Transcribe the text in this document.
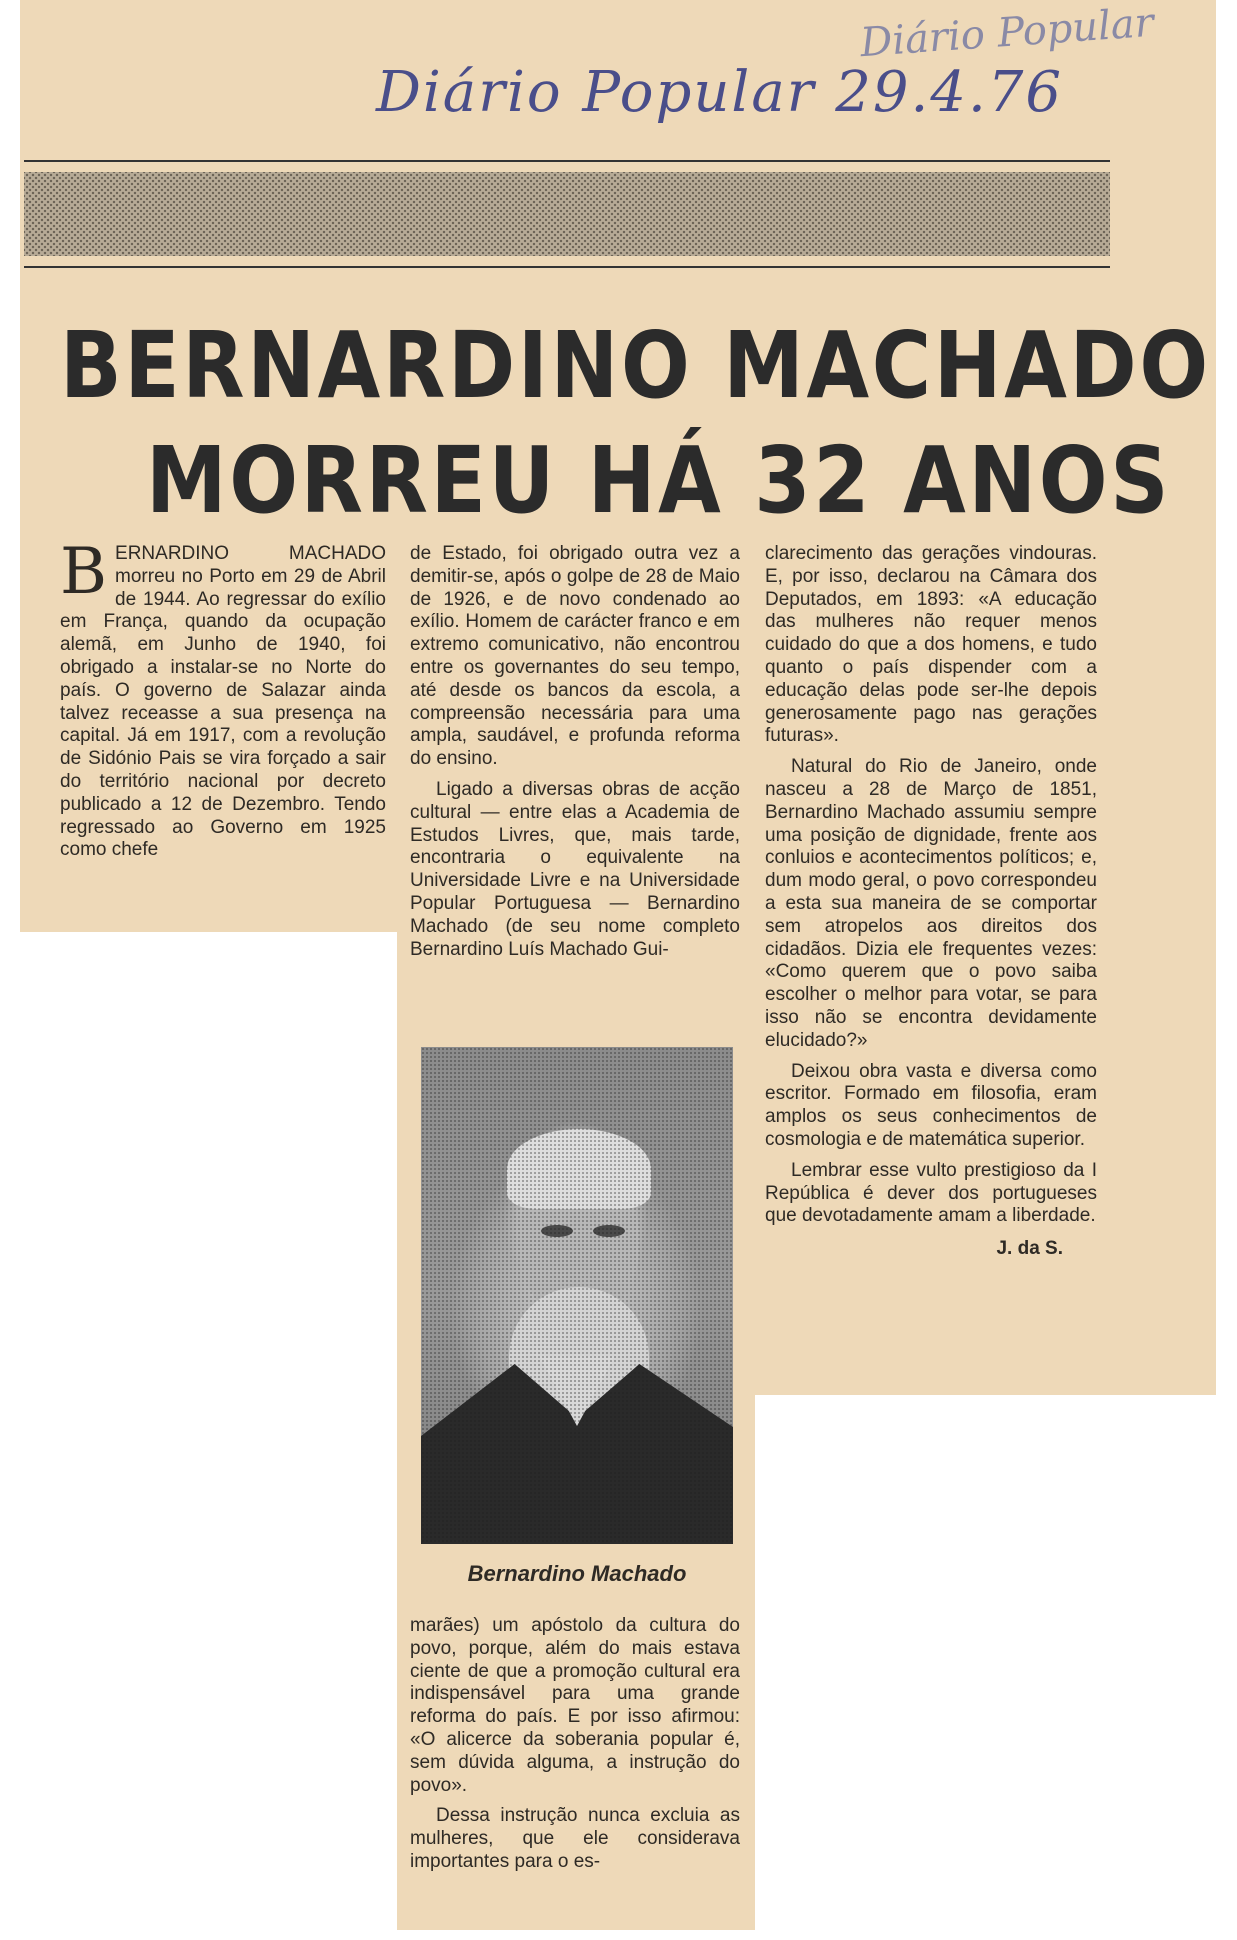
Diário Popular 29.4.76
Diário Popular
BERNARDINO MACHADO
MORREU HÁ 32 ANOS
B ERNARDINO MACHADO morreu no Porto em 29 de Abril de 1944. Ao regressar do exílio em França, quando da ocupação alemã, em Junho de 1940, foi obrigado a instalar-se no Norte do país. O governo de Salazar ainda talvez receasse a sua presença na capital. Já em 1917, com a revolução de Sidónio Pais se vira forçado a sair do território nacional por decreto publicado a 12 de Dezembro. Tendo regressado ao Governo em 1925 como chefe

de Estado, foi obrigado outra vez a demitir-se, após o golpe de 28 de Maio de 1926, e de novo condenado ao exílio. Homem de carácter franco e em extremo comunicativo, não encontrou entre os governantes do seu tempo, até desde os bancos da escola, a compreensão necessária para uma ampla, saudável, e profunda reforma do ensino.

Ligado a diversas obras de acção cultural — entre elas a Academia de Estudos Livres, que, mais tarde, encontraria o equivalente na Universidade Livre e na Universidade Popular Portuguesa — Bernardino Machado (de seu nome completo Bernardino Luís Machado Gui-

Bernardino Machado

marães) um apóstolo da cultura do povo, porque, além do mais estava ciente de que a promoção cultural era indispensável para uma grande reforma do país. E por isso afirmou: «O alicerce da soberania popular é, sem dúvida alguma, a instrução do povo».

Dessa instrução nunca excluia as mulheres, que ele considerava importantes para o es-

clarecimento das gerações vindouras. E, por isso, declarou na Câmara dos Deputados, em 1893: «A educação das mulheres não requer menos cuidado do que a dos homens, e tudo quanto o país dispender com a educação delas pode ser-lhe depois generosamente pago nas gerações futuras».

Natural do Rio de Janeiro, onde nasceu a 28 de Março de 1851, Bernardino Machado assumiu sempre uma posição de dignidade, frente aos conluios e acontecimentos políticos; e, dum modo geral, o povo correspondeu a esta sua maneira de se comportar sem atropelos aos direitos dos cidadãos. Dizia ele frequentes vezes: «Como querem que o povo saiba escolher o melhor para votar, se para isso não se encontra devidamente elucidado?»

Deixou obra vasta e diversa como escritor. Formado em filosofia, eram amplos os seus conhecimentos de cosmologia e de matemática superior.

Lembrar esse vulto prestigioso da I República é dever dos portugueses que devotadamente amam a liberdade.

J. da S.
